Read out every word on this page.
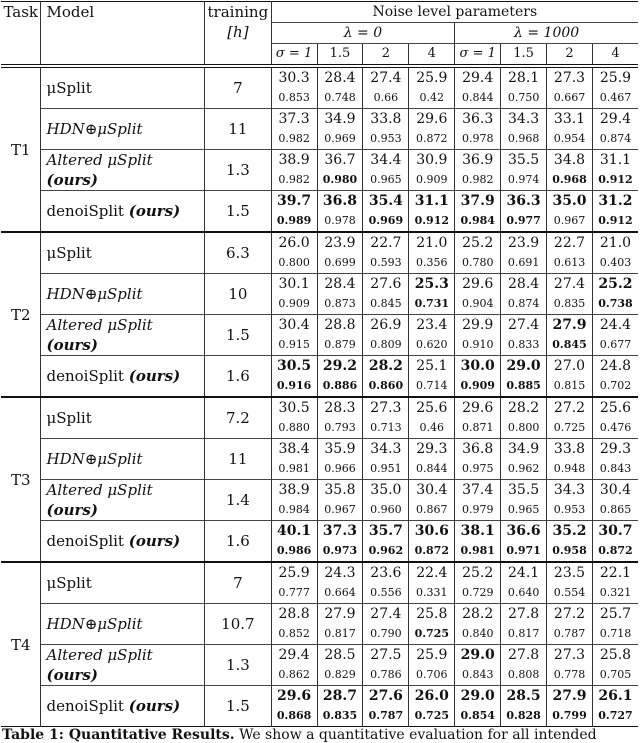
Task	Model	training
[h]	Noise level parameters							
			λ = 0				λ = 1000			
			σ = 1	1.5	2	4	σ = 1	1.5	2	4
T1	μSplit	7	30.3	28.4	27.4	25.9	29.4	28.1	27.3	25.9
			0.853	0.748	0.66	0.42	0.844	0.750	0.667	0.467
	HDN⊕μSplit	11	37.3	34.9	33.8	29.6	36.3	34.3	33.1	29.4
			0.982	0.969	0.953	0.872	0.978	0.968	0.954	0.874
	Altered μSplit (ours)	1.3	38.9	36.7	34.4	30.9	36.9	35.5	34.8	31.1
			0.982	0.980	0.965	0.909	0.982	0.974	0.968	0.912
	denoiSplit (ours)	1.5	39.7	36.8	35.4	31.1	37.9	36.3	35.0	31.2
			0.989	0.978	0.969	0.912	0.984	0.977	0.967	0.912
T2	μSplit	6.3	26.0	23.9	22.7	21.0	25.2	23.9	22.7	21.0
			0.800	0.699	0.593	0.356	0.780	0.691	0.613	0.403
	HDN⊕μSplit	10	30.1	28.4	27.6	25.3	29.6	28.4	27.4	25.2
			0.909	0.873	0.845	0.731	0.904	0.874	0.835	0.738
	Altered μSplit (ours)	1.5	30.4	28.8	26.9	23.4	29.9	27.4	27.9	24.4
			0.915	0.879	0.809	0.620	0.910	0.833	0.845	0.677
	denoiSplit (ours)	1.6	30.5	29.2	28.2	25.1	30.0	29.0	27.0	24.8
			0.916	0.886	0.860	0.714	0.909	0.885	0.815	0.702
T3	μSplit	7.2	30.5	28.3	27.3	25.6	29.6	28.2	27.2	25.6
			0.880	0.793	0.713	0.46	0.871	0.800	0.725	0.476
	HDN⊕μSplit	11	38.4	35.9	34.3	29.3	36.8	34.9	33.8	29.3
			0.981	0.966	0.951	0.844	0.975	0.962	0.948	0.843
	Altered μSplit (ours)	1.4	38.9	35.8	35.0	30.4	37.4	35.5	34.3	30.4
			0.984	0.967	0.960	0.867	0.979	0.965	0.953	0.865
	denoiSplit (ours)	1.6	40.1	37.3	35.7	30.6	38.1	36.6	35.2	30.7
			0.986	0.973	0.962	0.872	0.981	0.971	0.958	0.872
T4	μSplit	7	25.9	24.3	23.6	22.4	25.2	24.1	23.5	22.1
			0.777	0.664	0.556	0.331	0.729	0.640	0.554	0.321
	HDN⊕μSplit	10.7	28.8	27.9	27.4	25.8	28.2	27.8	27.2	25.7
			0.852	0.817	0.790	0.725	0.840	0.817	0.787	0.718
	Altered μSplit (ours)	1.3	29.4	28.5	27.5	25.9	29.0	27.8	27.3	25.8
			0.862	0.829	0.786	0.706	0.843	0.808	0.778	0.705
	denoiSplit (ours)	1.5	29.6	28.7	27.6	26.0	29.0	28.5	27.9	26.1
			0.868	0.835	0.787	0.725	0.854	0.828	0.799	0.727
Table 1: Quantitative Results. We show a quantitative evaluation for all intended
